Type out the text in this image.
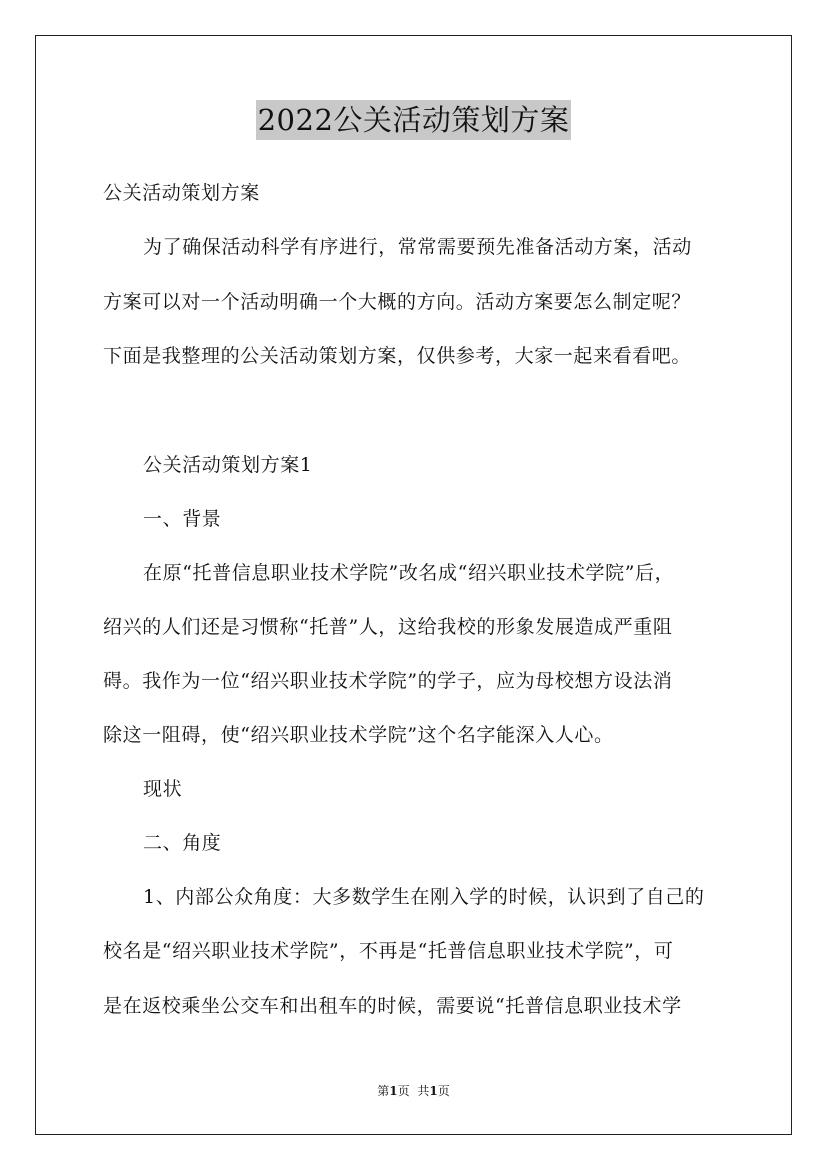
2022公关活动策划方案
公关活动策划方案
为了确保活动科学有序进行，常常需要预先准备活动方案，活动
方案可以对一个活动明确一个大概的方向。活动方案要怎么制定呢？
下面是我整理的公关活动策划方案，仅供参考，大家一起来看看吧。
公关活动策划方案1
一、背景
在原“托普信息职业技术学院”改名成“绍兴职业技术学院”后，
绍兴的人们还是习惯称“托普”人，这给我校的形象发展造成严重阻
碍。我作为一位“绍兴职业技术学院”的学子，应为母校想方设法消
除这一阻碍，使“绍兴职业技术学院”这个名字能深入人心。
现状
二、角度
1、内部公众角度：大多数学生在刚入学的时候，认识到了自己的
校名是“绍兴职业技术学院”，不再是“托普信息职业技术学院”，可
是在返校乘坐公交车和出租车的时候，需要说“托普信息职业技术学
第1页 共1页
